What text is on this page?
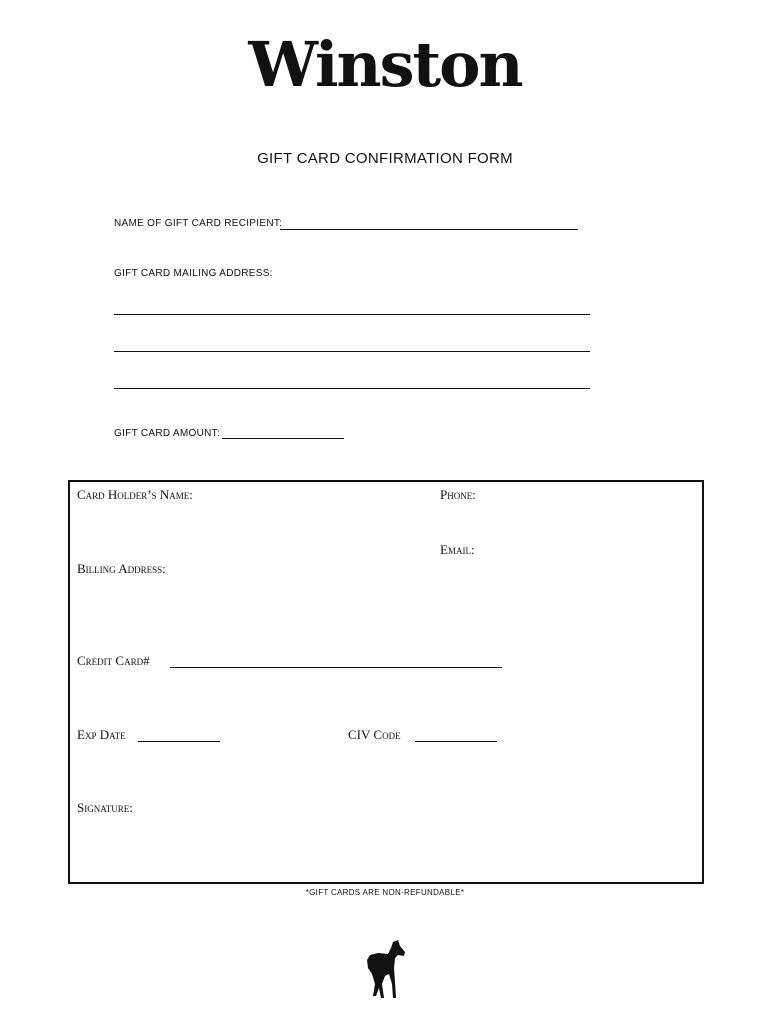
Winston
GIFT CARD CONFIRMATION FORM
NAME OF GIFT CARD RECIPIENT:
GIFT CARD MAILING ADDRESS:
GIFT CARD AMOUNT:
Card Holder’s Name:	Phone:
Email:
Billing Address:
Credit Card#
Exp Date	CIV Code
Signature:
*GIFT CARDS ARE NON-REFUNDABLE*
